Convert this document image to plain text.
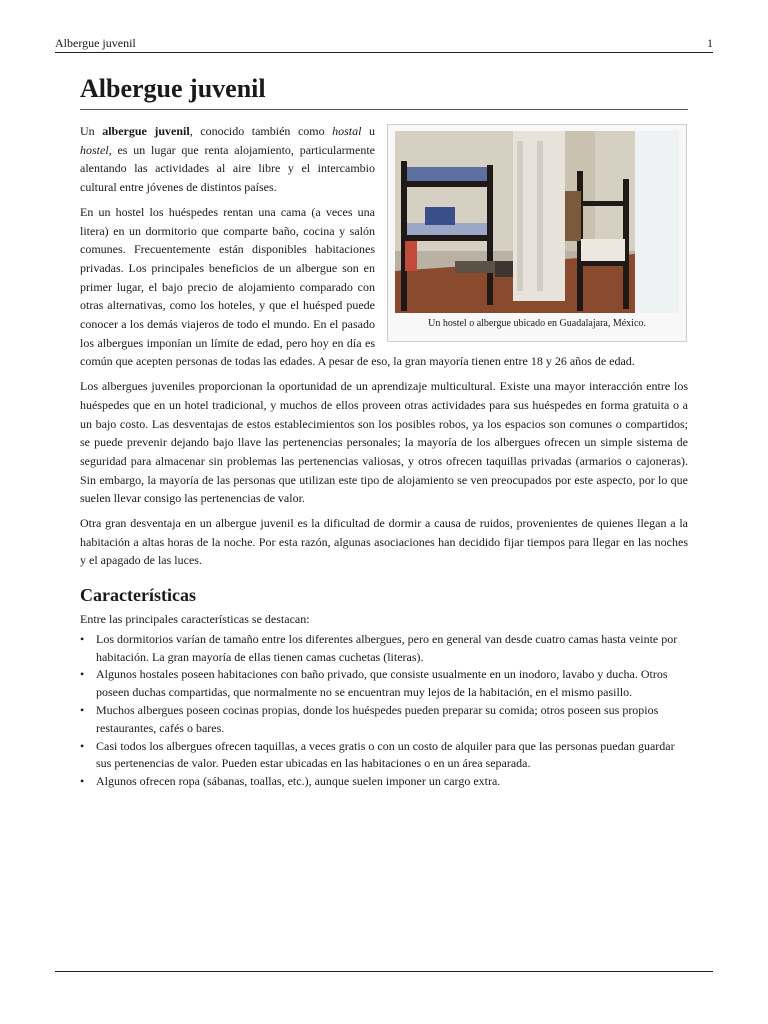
Albergue juvenil	1
Albergue juvenil
Un hostel o albergue ubicado en Guadalajara, México.

Un albergue juvenil, conocido también como hostal u hostel, es un lugar que renta alojamiento, particularmente alentando las actividades al aire libre y el intercambio cultural entre jóvenes de distintos países.

En un hostel los huéspedes rentan una cama (a veces una litera) en un dormitorio que comparte baño, cocina y salón comunes. Frecuentemente están disponibles habitaciones privadas. Los principales beneficios de un albergue son en primer lugar, el bajo precio de alojamiento comparado con otras alternativas, como los hoteles, y que el huésped puede conocer a los demás viajeros de todo el mundo. En el pasado los albergues imponían un límite de edad, pero hoy en día es común que acepten personas de todas las edades. A pesar de eso, la gran mayoría tienen entre 18 y 26 años de edad.

Los albergues juveniles proporcionan la oportunidad de un aprendizaje multicultural. Existe una mayor interacción entre los huéspedes que en un hotel tradicional, y muchos de ellos proveen otras actividades para sus huéspedes en forma gratuita o a un bajo costo. Las desventajas de estos establecimientos son los posibles robos, ya los espacios son comunes o compartidos; se puede prevenir dejando bajo llave las pertenencias personales; la mayoría de los albergues ofrecen un simple sistema de seguridad para almacenar sin problemas las pertenencias valiosas, y otros ofrecen taquillas privadas (armarios o cajoneras). Sin embargo, la mayoría de las personas que utilizan este tipo de alojamiento se ven preocupados por este aspecto, por lo que suelen llevar consigo las pertenencias de valor.

Otra gran desventaja en un albergue juvenil es la dificultad de dormir a causa de ruidos, provenientes de quienes llegan a la habitación a altas horas de la noche. Por esta razón, algunas asociaciones han decidido fijar tiempos para llegar en las noches y el apagado de las luces.

Características

Entre las principales características se destacan:

• Los dormitorios varían de tamaño entre los diferentes albergues, pero en general van desde cuatro camas hasta veinte por habitación. La gran mayoría de ellas tienen camas cuchetas (literas).
• Algunos hostales poseen habitaciones con baño privado, que consiste usualmente en un inodoro, lavabo y ducha. Otros poseen duchas compartidas, que normalmente no se encuentran muy lejos de la habitación, en el mismo pasillo.
• Muchos albergues poseen cocinas propias, donde los huéspedes pueden preparar su comida; otros poseen sus propios restaurantes, cafés o bares.
• Casi todos los albergues ofrecen taquillas, a veces gratis o con un costo de alquiler para que las personas puedan guardar sus pertenencias de valor. Pueden estar ubicadas en las habitaciones o en un área separada.
• Algunos ofrecen ropa (sábanas, toallas, etc.), aunque suelen imponer un cargo extra.
